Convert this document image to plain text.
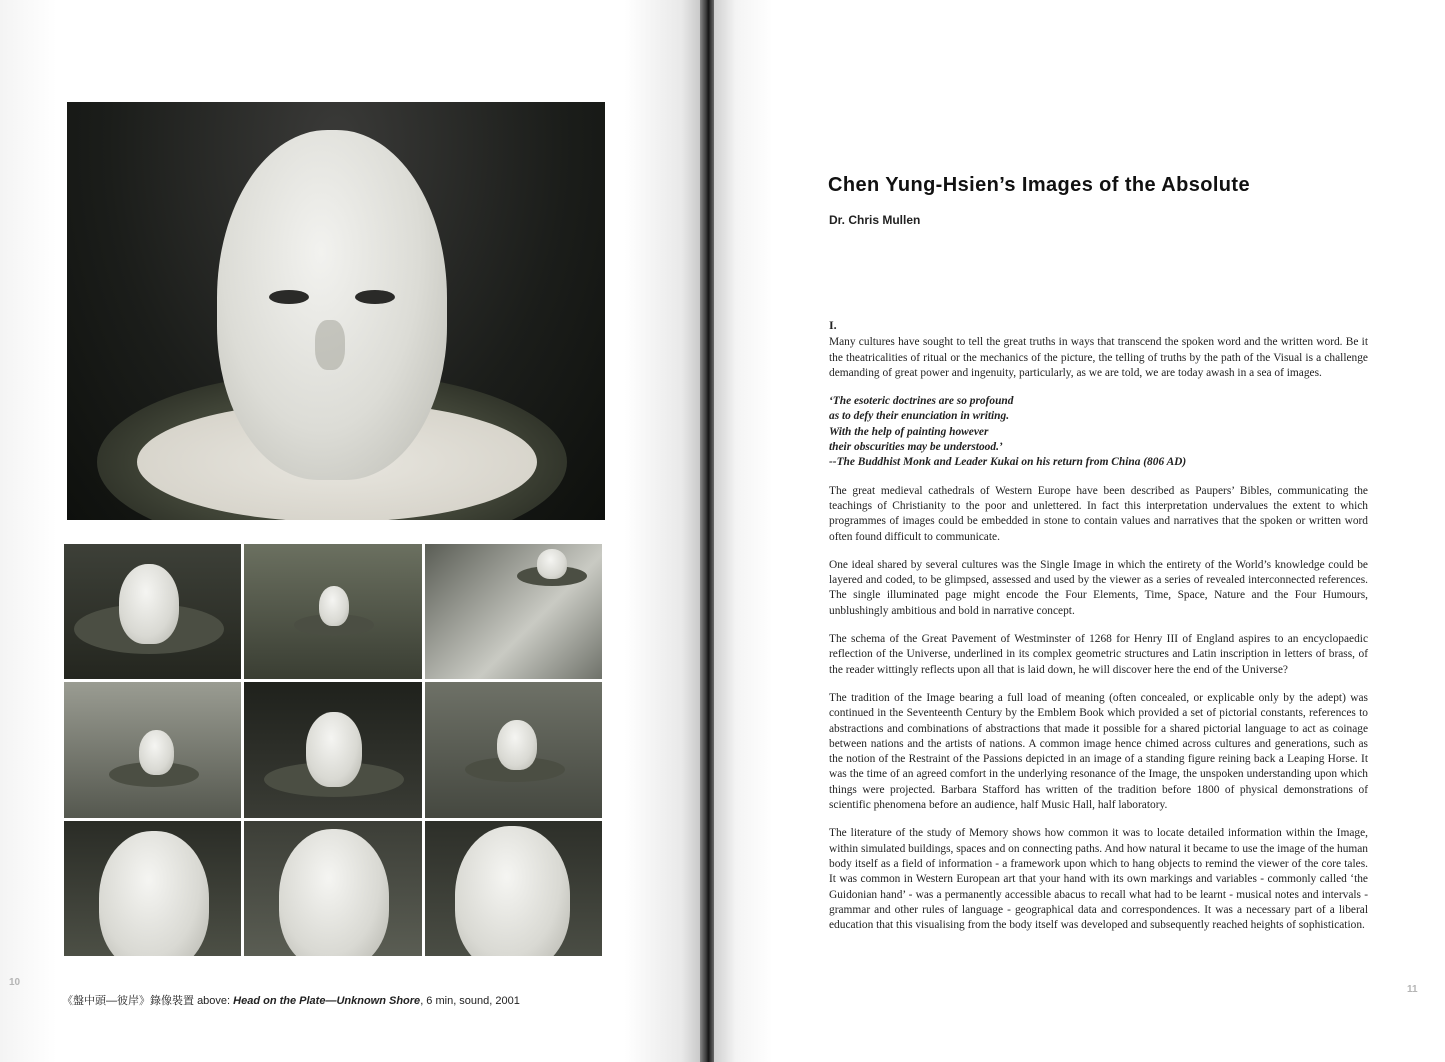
10
《盤中頭—彼岸》錄像裝置 above: Head on the Plate—Unknown Shore, 6 min, sound, 2001
Chen Yung-Hsien’s Images of the Absolute
Dr. Chris Mullen
I.

Many cultures have sought to tell the great truths in ways that transcend the spoken word and the written word. Be it the theatricalities of ritual or the mechanics of the picture, the telling of truths by the path of the Visual is a challenge demanding of great power and ingenuity, particularly, as we are told, we are today awash in a sea of images.

‘The esoteric doctrines are so profound
as to defy their enunciation in writing.
With the help of painting however
their obscurities may be understood.’
--The Buddhist Monk and Leader Kukai on his return from China (806 AD)

The great medieval cathedrals of Western Europe have been described as Paupers’ Bibles, communicating the teachings of Christianity to the poor and unlettered. In fact this interpretation undervalues the extent to which programmes of images could be embedded in stone to contain values and narratives that the spoken or written word often found difficult to communicate.

One ideal shared by several cultures was the Single Image in which the entirety of the World’s knowledge could be layered and coded, to be glimpsed, assessed and used by the viewer as a series of revealed interconnected references. The single illuminated page might encode the Four Elements, Time, Space, Nature and the Four Humours, unblushingly ambitious and bold in narrative concept.

The schema of the Great Pavement of Westminster of 1268 for Henry III of England aspires to an encyclopaedic reflection of the Universe, underlined in its complex geometric structures and Latin inscription in letters of brass, of the reader wittingly reflects upon all that is laid down, he will discover here the end of the Universe?

The tradition of the Image bearing a full load of meaning (often concealed, or explicable only by the adept) was continued in the Seventeenth Century by the Emblem Book which provided a set of pictorial constants, references to abstractions and combinations of abstractions that made it possible for a shared pictorial language to act as coinage between nations and the artists of nations. A common image hence chimed across cultures and generations, such as the notion of the Restraint of the Passions depicted in an image of a standing figure reining back a Leaping Horse. It was the time of an agreed comfort in the underlying resonance of the Image, the unspoken understanding upon which things were projected. Barbara Stafford has written of the tradition before 1800 of physical demonstrations of scientific phenomena before an audience, half Music Hall, half laboratory.

The literature of the study of Memory shows how common it was to locate detailed information within the Image, within simulated buildings, spaces and on connecting paths. And how natural it became to use the image of the human body itself as a field of information - a framework upon which to hang objects to remind the viewer of the core tales. It was common in Western European art that your hand with its own markings and variables - commonly called ‘the Guidonian hand’ - was a permanently accessible abacus to recall what had to be learnt - musical notes and intervals - grammar and other rules of language - geographical data and correspondences. It was a necessary part of a liberal education that this visualising from the body itself was developed and subsequently reached heights of sophistication.

11
